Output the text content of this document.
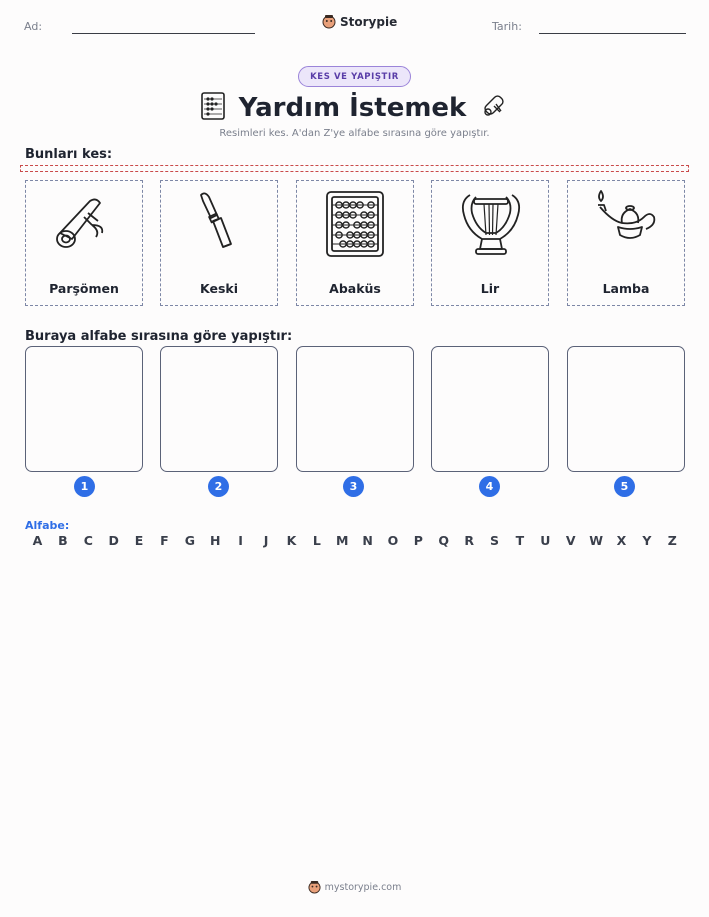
Ad:	Storypie	Tarih:
KES VE YAPIŞTIR
Yardım İstemek
Resimleri kes. A'dan Z'ye alfabe sırasına göre yapıştır.
Bunları kes:
Parşömen	Keski	Abaküs	Lir	Lamba
Buraya alfabe sırasına göre yapıştır:
1	2	3	4	5
Alfabe:
A	B	C	D	E	F	G	H	I	J	K	L	M	N	O	P	Q	R	S	T	U	V	W	X	Y	Z
mystorypie.com
